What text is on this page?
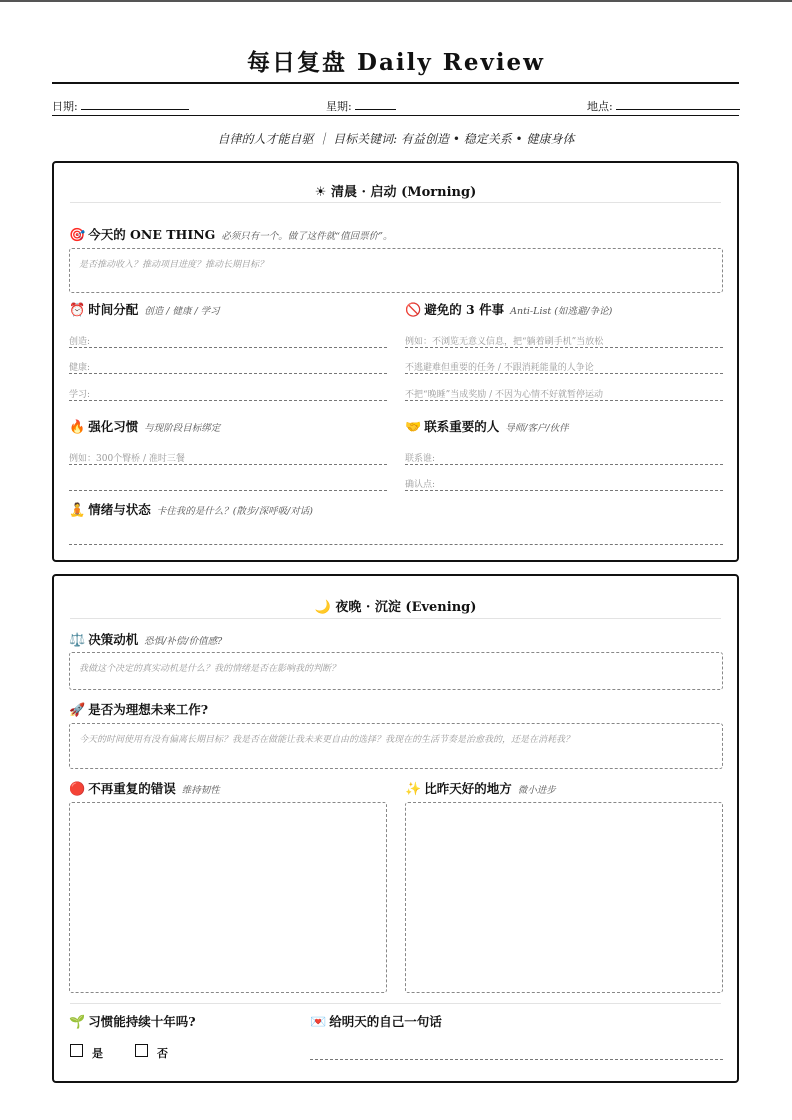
每日复盘 Daily Review
日期:	星期:	地点:
自律的人才能自驱 ｜ 目标关键词: 有益创造 • 稳定关系 • 健康身体
☀ 清晨 · 启动 (Morning)
🎯 今天的 ONE THING 必须只有一个。做了这件就“值回票价”。
是否推动收入？推动项目进度？推动长期目标？
⏰ 时间分配 创造 / 健康 / 学习
创造:
健康:
学习:
🚫 避免的 3 件事 Anti-List (如逃避/争论)
例如：不浏览无意义信息，把“躺着刷手机”当放松
不逃避难但重要的任务 / 不跟消耗能量的人争论
不把“晚睡”当成奖励 / 不因为心情不好就暂停运动
🔥 强化习惯 与现阶段目标绑定
例如：300个臀桥 / 准时三餐
🤝 联系重要的人 导师/客户/伙伴
联系谁:
确认点:
🧘 情绪与状态 卡住我的是什么？(散步/深呼吸/对话)
🌙 夜晚 · 沉淀 (Evening)
⚖️ 决策动机 恐惧/补偿/价值感?
我做这个决定的真实动机是什么？我的情绪是否在影响我的判断？
🚀 是否为理想未来工作?
今天的时间使用有没有偏离长期目标？我是否在做能让我未来更自由的选择？我现在的生活节奏是治愈我的，还是在消耗我？
🔴 不再重复的错误 维持韧性	✨ 比昨天好的地方 微小进步
🌱 习惯能持续十年吗?
是	否
💌 给明天的自己一句话
